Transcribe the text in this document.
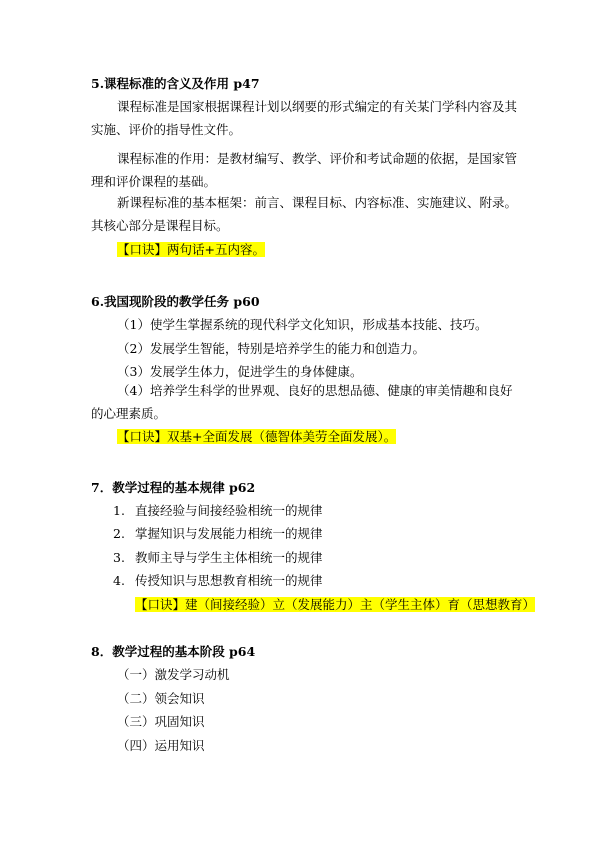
5.课程标准的含义及作用 p47

课程标准是国家根据课程计划以纲要的形式编定的有关某门学科内容及其实施、评价的指导性文件。

课程标准的作用：是教材编写、教学、评价和考试命题的依据，是国家管理和评价课程的基础。

新课程标准的基本框架：前言、课程目标、内容标准、实施建议、附录。其核心部分是课程目标。

【口诀】两句话+五内容。
6.我国现阶段的教学任务 p60
（1）使学生掌握系统的现代科学文化知识，形成基本技能、技巧。
（2）发展学生智能，特别是培养学生的能力和创造力。
（3）发展学生体力，促进学生的身体健康。

（4）培养学生科学的世界观、良好的思想品德、健康的审美情趣和良好的心理素质。

【口诀】双基+全面发展（德智体美劳全面发展）。
7．教学过程的基本规律 p62
1. 直接经验与间接经验相统一的规律
2. 掌握知识与发展能力相统一的规律
3. 教师主导与学生主体相统一的规律
4. 传授知识与思想教育相统一的规律
【口诀】建（间接经验）立（发展能力）主（学生主体）育（思想教育）
8．教学过程的基本阶段 p64
（一）激发学习动机
（二）领会知识
（三）巩固知识
（四）运用知识
